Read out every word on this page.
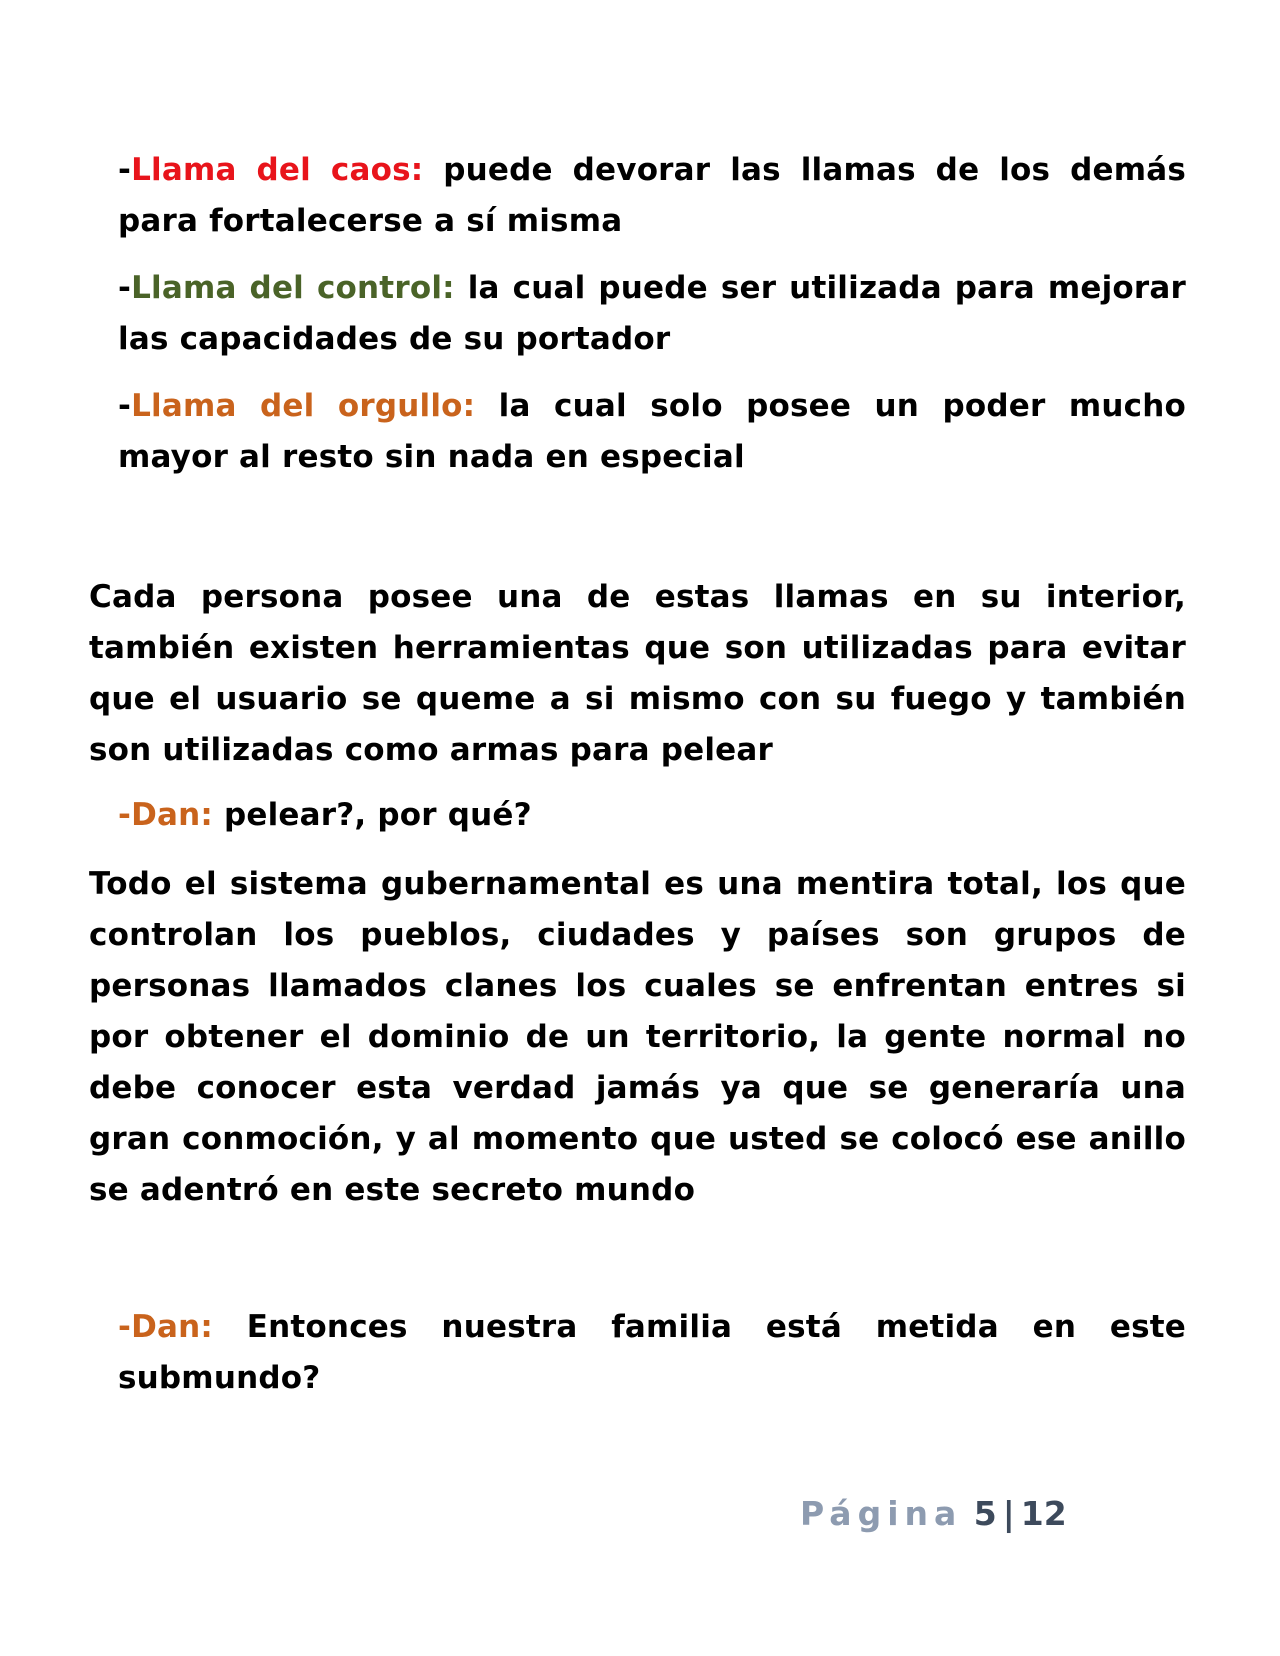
-Llama del caos: puede devorar las llamas de los demás para fortalecerse a sí misma

-Llama del control: la cual puede ser utilizada para mejorar las capacidades de su portador

-Llama del orgullo: la cual solo posee un poder mucho mayor al resto sin nada en especial

Cada persona posee una de estas llamas en su interior, también existen herramientas que son utilizadas para evitar que el usuario se queme a si mismo con su fuego y también son utilizadas como armas para pelear

-Dan: pelear?, por qué?

Todo el sistema gubernamental es una mentira total, los que controlan los pueblos, ciudades y países son grupos de personas llamados clanes los cuales se enfrentan entres si por obtener el dominio de un territorio, la gente normal no debe conocer esta verdad jamás ya que se generaría una gran conmoción, y al momento que usted se colocó ese anillo se adentró en este secreto mundo

-Dan: Entonces nuestra familia está metida en este submundo?

Página 5 | 12
